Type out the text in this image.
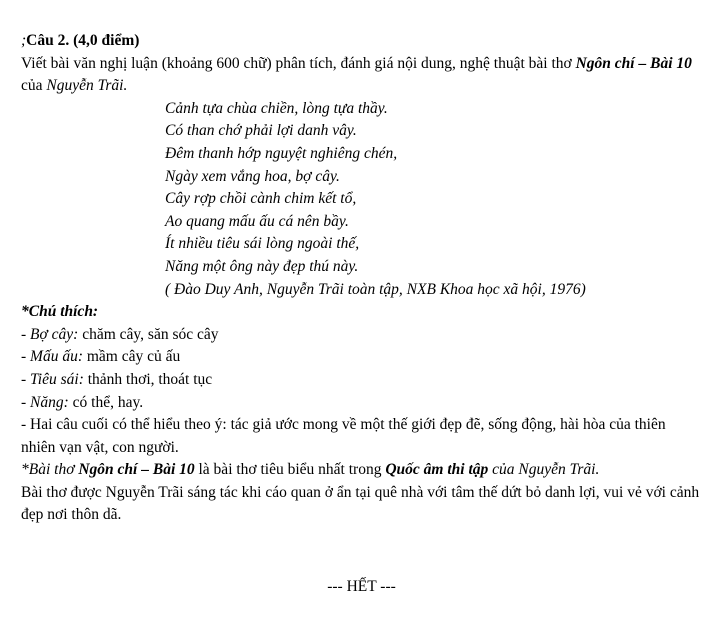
;Câu 2. (4,0 điểm)
Viết bài văn nghị luận (khoảng 600 chữ) phân tích, đánh giá nội dung, nghệ thuật bài thơ Ngôn chí – Bài 10 của Nguyễn Trãi.
Cảnh tựa chùa chiền, lòng tựa thầy.
Có than chớ phải lợi danh vây.
Đêm thanh hớp nguyệt nghiêng chén,
Ngày xem vắng hoa, bợ cây.
Cây rợp chồi cành chim kết tổ,
Ao quang mấu ấu cá nên bầy.
Ít nhiều tiêu sái lòng ngoài thế,
Năng một ông này đẹp thú này.
( Đào Duy Anh, Nguyễn Trãi toàn tập, NXB Khoa học xã hội, 1976)
*Chú thích:
- Bợ cây: chăm cây, săn sóc cây
- Mấu ấu: mầm cây củ ấu
- Tiêu sái: thảnh thơi, thoát tục
- Năng: có thể, hay.
- Hai câu cuối có thể hiểu theo ý: tác giả ước mong về một thế giới đẹp đẽ, sống động, hài hòa của thiên nhiên vạn vật, con người.
*Bài thơ Ngôn chí – Bài 10 là bài thơ tiêu biểu nhất trong Quốc âm thi tập của Nguyễn Trãi.
Bài thơ được Nguyễn Trãi sáng tác khi cáo quan ở ẩn tại quê nhà với tâm thế dứt bỏ danh lợi, vui vẻ với cảnh đẹp nơi thôn dã.
--- HẾT ---
